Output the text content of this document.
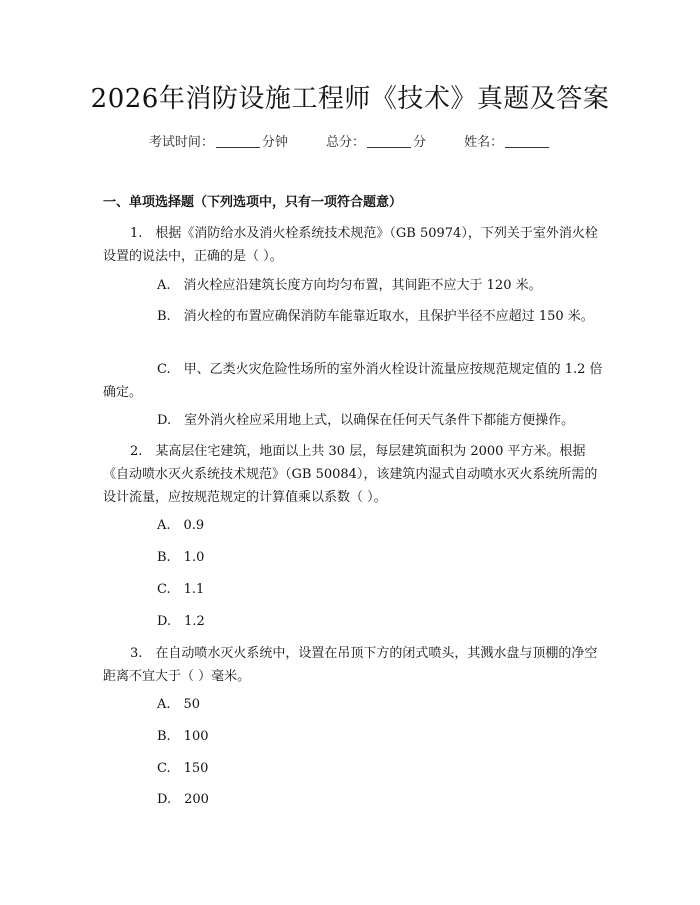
2026年消防设施工程师《技术》真题及答案
考试时间：	分钟	总分：	分	姓名：
一、单项选择题（下列选项中，只有一项符合题意）

1.　根据《消防给水及消火栓系统技术规范》（GB 50974），下列关于室外消火栓设置的说法中，正确的是（ ）。

A.　消火栓应沿建筑长度方向均匀布置，其间距不应大于 120 米。

B.　消火栓的布置应确保消防车能靠近取水，且保护半径不应超过 150 米。

C.　甲、乙类火灾危险性场所的室外消火栓设计流量应按规范规定值的 1.2 倍确定。

D.　室外消火栓应采用地上式，以确保在任何天气条件下都能方便操作。

2.　某高层住宅建筑，地面以上共 30 层，每层建筑面积为 2000 平方米。根据《自动喷水灭火系统技术规范》（GB 50084），该建筑内湿式自动喷水灭火系统所需的设计流量，应按规范规定的计算值乘以系数（ ）。

A.　0.9

B.　1.0

C.　1.1

D.　1.2

3.　在自动喷水灭火系统中，设置在吊顶下方的闭式喷头，其溅水盘与顶棚的净空距离不宜大于（ ）毫米。

A.　50

B.　100

C.　150

D.　200
